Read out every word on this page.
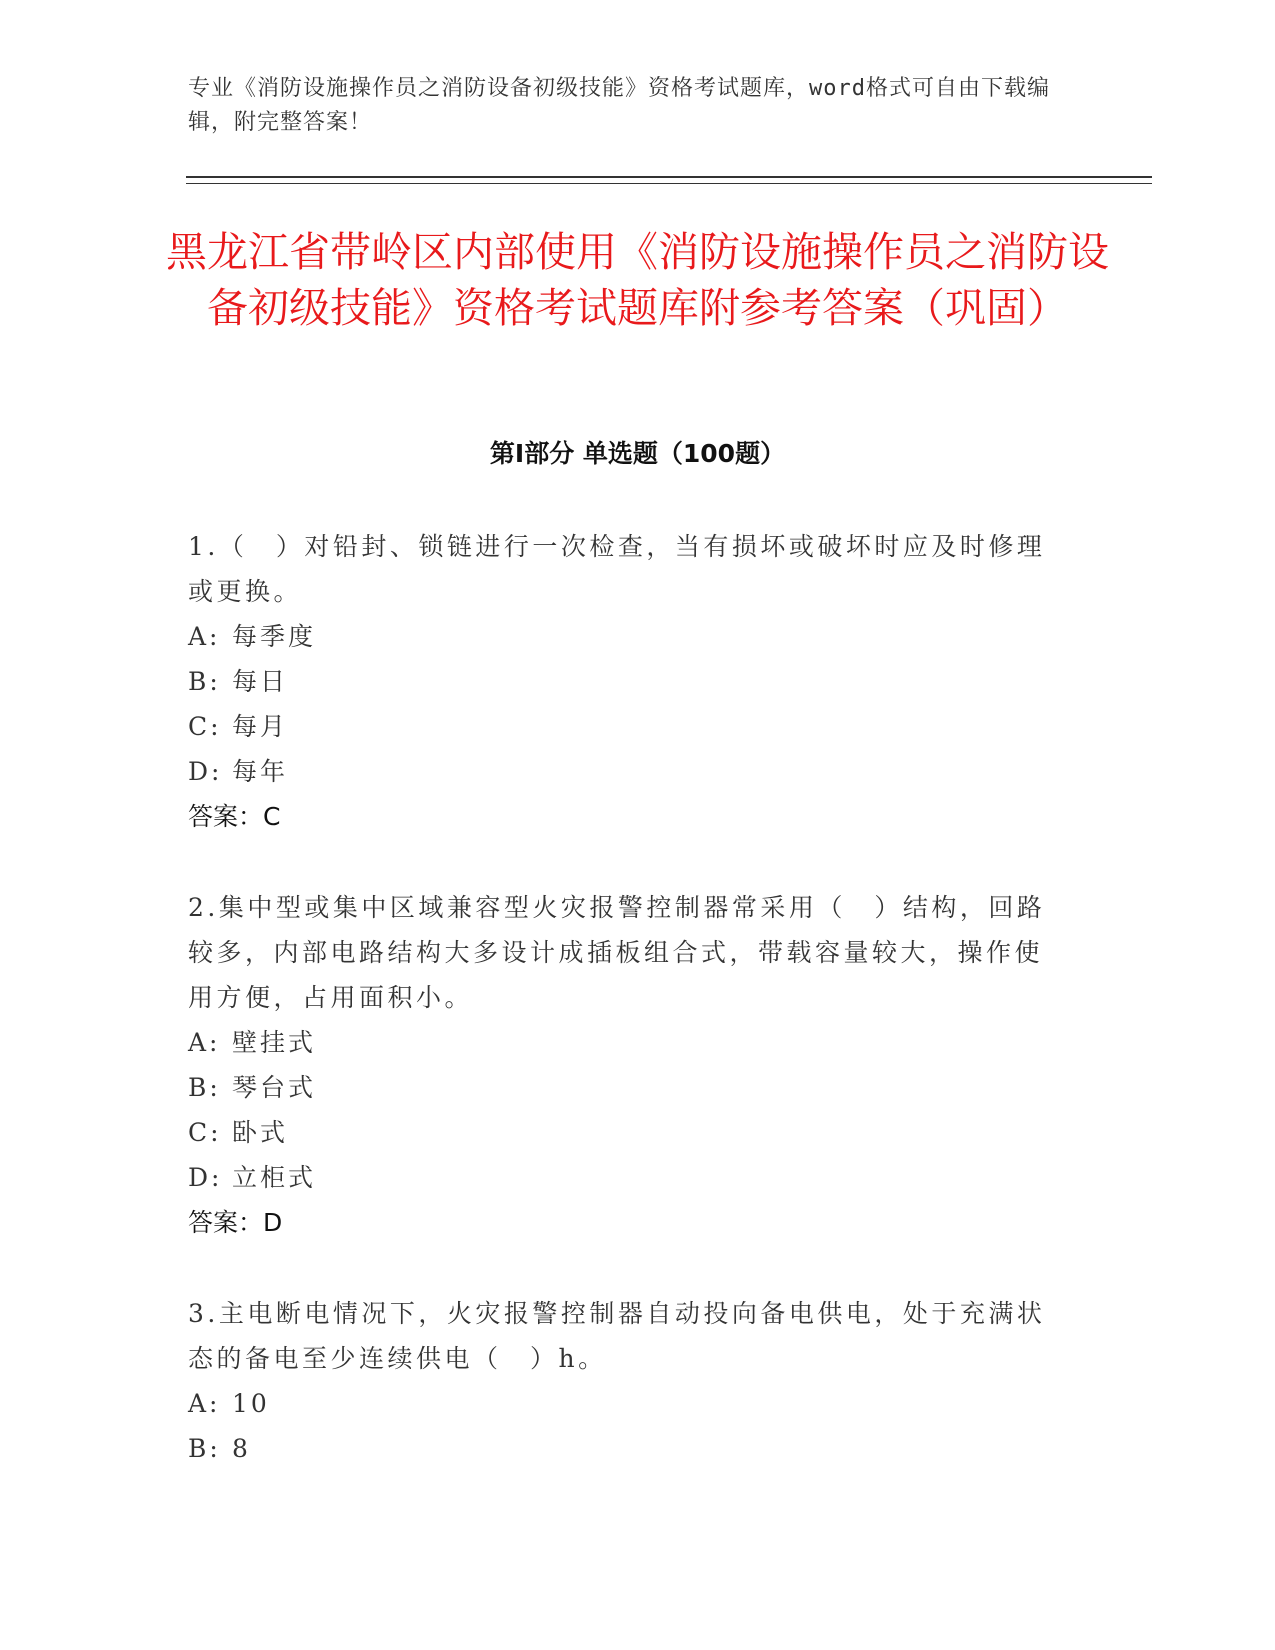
专业《消防设施操作员之消防设备初级技能》资格考试题库，word格式可自由下载编辑，附完整答案！
黑龙江省带岭区内部使用《消防设施操作员之消防设备初级技能》资格考试题库附参考答案（巩固）
第I部分 单选题（100题）
1.（　）对铅封、锁链进行一次检查，当有损坏或破坏时应及时修理或更换。
A: 每季度
B: 每日
C: 每月
D: 每年
答案：C
2.集中型或集中区域兼容型火灾报警控制器常采用（　）结构，回路较多，内部电路结构大多设计成插板组合式，带载容量较大，操作使用方便，占用面积小。
A: 壁挂式
B: 琴台式
C: 卧式
D: 立柜式
答案：D
3.主电断电情况下，火灾报警控制器自动投向备电供电，处于充满状态的备电至少连续供电（　）h。
A: 10
B: 8
